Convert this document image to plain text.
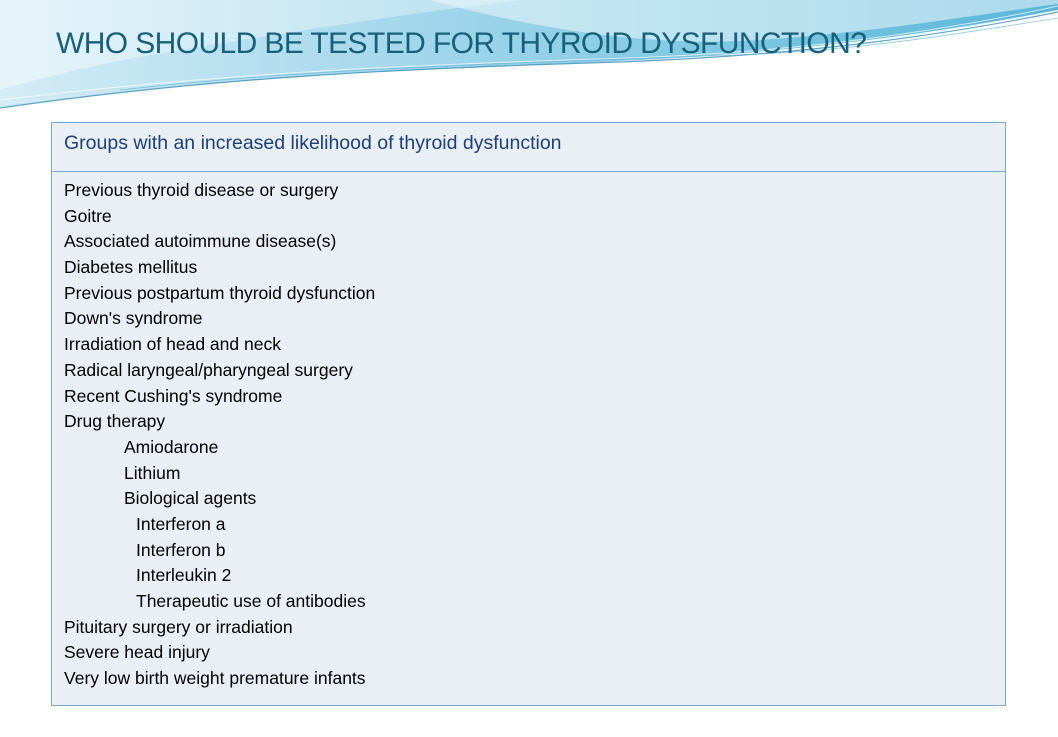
WHO SHOULD BE TESTED FOR THYROID DYSFUNCTION?
Groups with an increased likelihood of thyroid dysfunction
Previous thyroid disease or surgery
Goitre
Associated autoimmune disease(s)
Diabetes mellitus
Previous postpartum thyroid dysfunction
Down's syndrome
Irradiation of head and neck
Radical laryngeal/pharyngeal surgery
Recent Cushing's syndrome
Drug therapy
Amiodarone
Lithium
Biological agents
Interferon a
Interferon b
Interleukin 2
Therapeutic use of antibodies
Pituitary surgery or irradiation
Severe head injury
Very low birth weight premature infants
